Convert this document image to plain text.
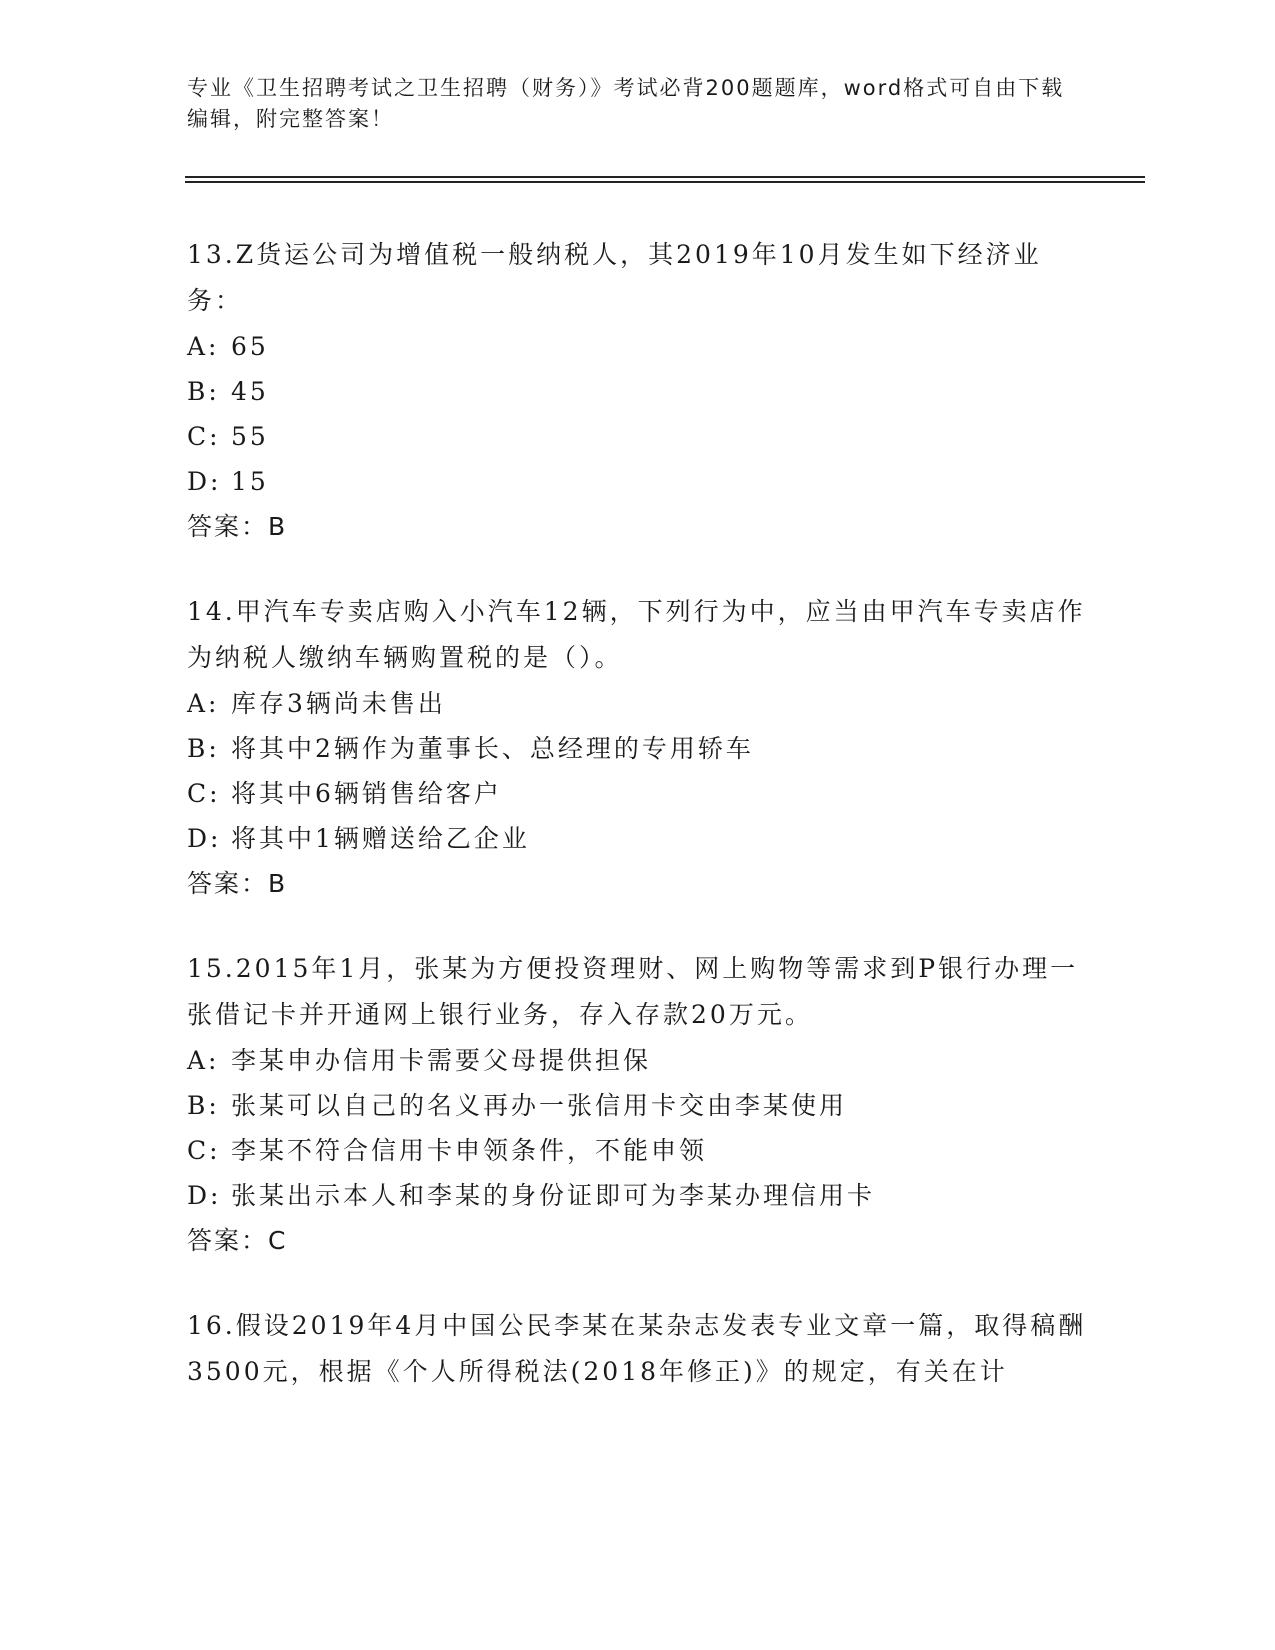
专业《卫生招聘考试之卫生招聘（财务）》考试必背200题题库，word格式可自由下载编辑，附完整答案！

13.Z货运公司为增值税一般纳税人，其2019年10月发生如下经济业务：

A: 65

B: 45

C: 55

D: 15

答案：B

14.甲汽车专卖店购入小汽车12辆，下列行为中，应当由甲汽车专卖店作为纳税人缴纳车辆购置税的是（）。

A: 库存3辆尚未售出

B: 将其中2辆作为董事长、总经理的专用轿车

C: 将其中6辆销售给客户

D: 将其中1辆赠送给乙企业

答案：B

15.2015年1月，张某为方便投资理财、网上购物等需求到P银行办理一张借记卡并开通网上银行业务，存入存款20万元。

A: 李某申办信用卡需要父母提供担保

B: 张某可以自己的名义再办一张信用卡交由李某使用

C: 李某不符合信用卡申领条件，不能申领

D: 张某出示本人和李某的身份证即可为李某办理信用卡

答案：C

16.假设2019年4月中国公民李某在某杂志发表专业文章一篇，取得稿酬3500元，根据《个人所得税法(2018年修正)》的规定，有关在计
